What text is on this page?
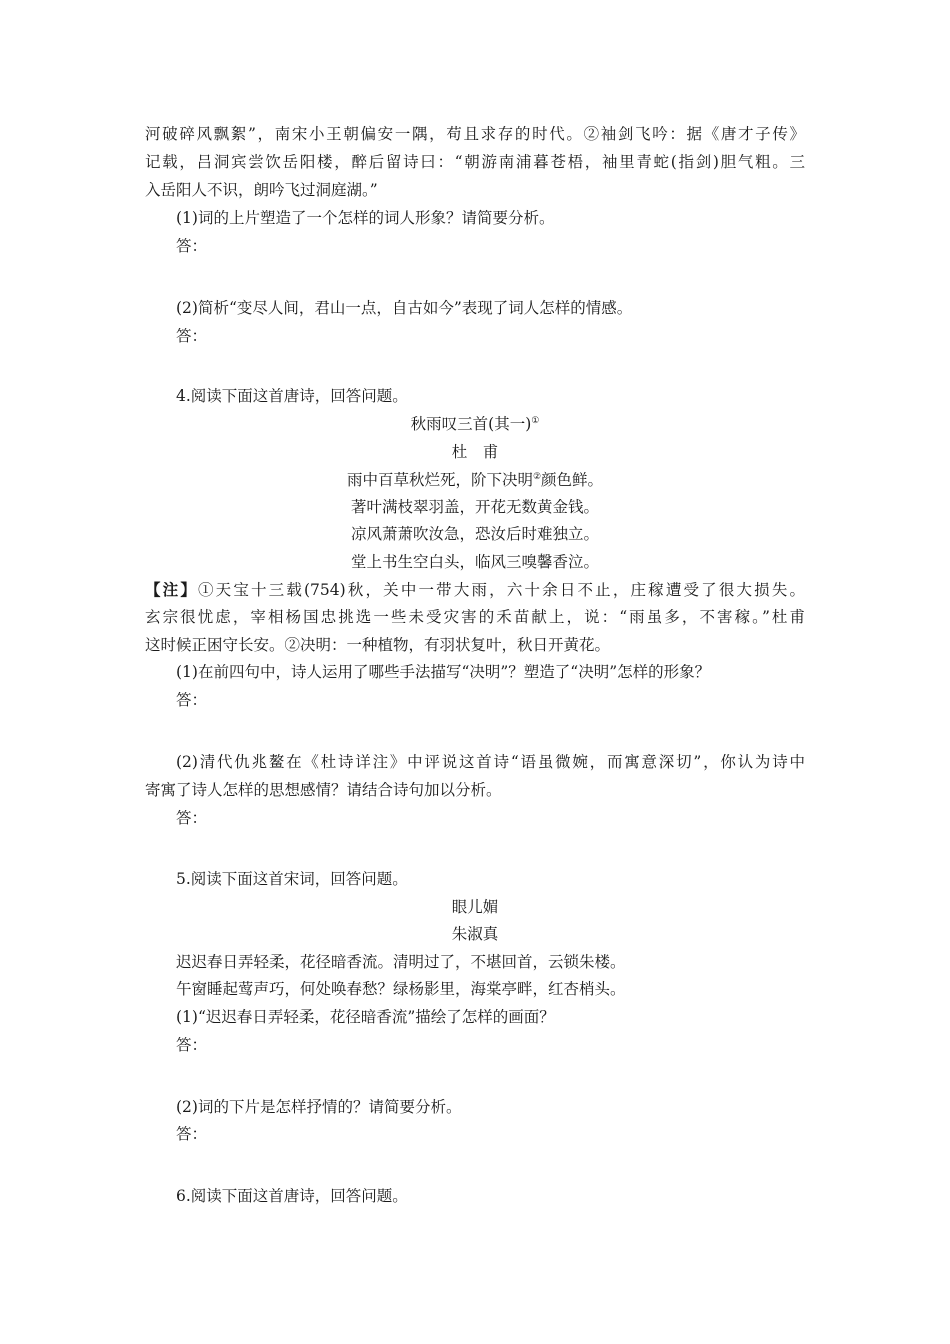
河破碎风飘絮”，南宋小王朝偏安一隅，苟且求存的时代。②袖剑飞吟：据《唐才子传》
记载，吕洞宾尝饮岳阳楼，醉后留诗曰：“朝游南浦暮苍梧，袖里青蛇(指剑)胆气粗。三
入岳阳人不识，朗吟飞过洞庭湖。”
(1)词的上片塑造了一个怎样的词人形象？请简要分析。
答：
(2)简析“变尽人间，君山一点，自古如今”表现了词人怎样的情感。
答：
4.阅读下面这首唐诗，回答问题。
秋雨叹三首(其一)①
杜　甫
雨中百草秋烂死，阶下决明②颜色鲜。
著叶满枝翠羽盖，开花无数黄金钱。
凉风萧萧吹汝急，恐汝后时难独立。
堂上书生空白头，临风三嗅馨香泣。
【注】①天宝十三载(754)秋，关中一带大雨，六十余日不止，庄稼遭受了很大损失。
玄宗很忧虑，宰相杨国忠挑选一些未受灾害的禾苗献上，说：“雨虽多，不害稼。”杜甫
这时候正困守长安。②决明：一种植物，有羽状复叶，秋日开黄花。
(1)在前四句中，诗人运用了哪些手法描写“决明”？塑造了“决明”怎样的形象？
答：
(2)清代仇兆鳌在《杜诗详注》中评说这首诗“语虽微婉，而寓意深切”，你认为诗中
寄寓了诗人怎样的思想感情？请结合诗句加以分析。
答：
5.阅读下面这首宋词，回答问题。
眼儿媚
朱淑真
迟迟春日弄轻柔，花径暗香流。清明过了，不堪回首，云锁朱楼。
午窗睡起莺声巧，何处唤春愁？绿杨影里，海棠亭畔，红杏梢头。
(1)“迟迟春日弄轻柔，花径暗香流”描绘了怎样的画面？
答：
(2)词的下片是怎样抒情的？请简要分析。
答：
6.阅读下面这首唐诗，回答问题。
